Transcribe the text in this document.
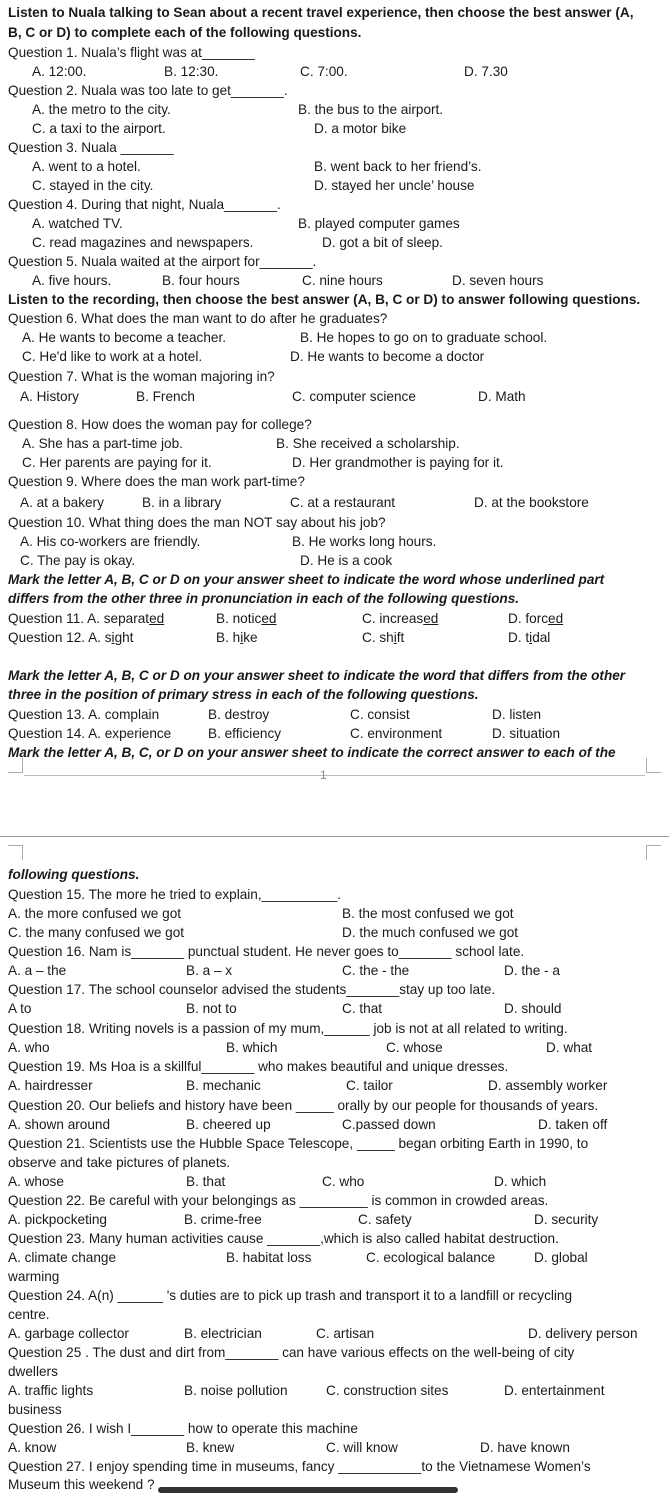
Listen to Nuala talking to Sean about a recent travel experience, then choose the best answer (A,
B, C or D) to complete each of the following questions.
Question 1. Nuala’s flight was at_______
A. 12:00.	B. 12:30.	C. 7:00.	D. 7.30
Question 2. Nuala was too late to get_______.
A. the metro to the city.	B. the bus to the airport.
C. a taxi to the airport.	D. a motor bike
Question 3. Nuala _______
A. went to a hotel.	B. went back to her friend’s.
C. stayed in the city.	D. stayed her uncle’ house
Question 4. During that night, Nuala_______.
A. watched TV.	B. played computer games
C. read magazines and newspapers.	D. got a bit of sleep.
Question 5. Nuala waited at the airport for_______.
A. five hours.	B. four hours	C. nine hours	D. seven hours
Listen to the recording, then choose the best answer (A, B, C or D) to answer following questions.
Question 6. What does the man want to do after he graduates?
A. He wants to become a teacher.	B. He hopes to go on to graduate school.
C. He'd like to work at a hotel.	D. He wants to become a doctor
Question 7. What is the woman majoring in?
A. History	B. French	C. computer science	D. Math
Question 8. How does the woman pay for college?
A. She has a part-time job.	B. She received a scholarship.
C. Her parents are paying for it.	D. Her grandmother is paying for it.
Question 9. Where does the man work part-time?
A. at a bakery	B. in a library	C. at a restaurant	D. at the bookstore
Question 10. What thing does the man NOT say about his job?
A. His co-workers are friendly.	B. He works long hours.
C. The pay is okay.	D. He is a cook
Mark the letter A, B, C or D on your answer sheet to indicate the word whose underlined part
differs from the other three in pronunciation in each of the following questions.
Question 11. A. separated	B. noticed	C. increased	D. forced
Question 12. A. sight	B. hike	C. shift	D. tidal
Mark the letter A, B, C or D on your answer sheet to indicate the word that differs from the other
three in the position of primary stress in each of the following questions.
Question 13. A. complain	B. destroy	C. consist	D. listen
Question 14. A. experience	B. efficiency	C. environment	D. situation
Mark the letter A, B, C, or D on your answer sheet to indicate the correct answer to each of the
1
following questions.
Question 15. The more he tried to explain,__________.
A. the more confused we got	B. the most confused we got
C. the many confused we got	D. the much confused we got
Question 16. Nam is_______ punctual student. He never goes to_______ school late.
A. a – the	B. a – x	C. the - the	D. the - a
Question 17. The school counselor advised the students_______stay up too late.
A to	B. not to	C. that	D. should
Question 18. Writing novels is a passion of my mum,______ job is not at all related to writing.
A. who	B. which	C. whose	D. what
Question 19. Ms Hoa is a skillful_______ who makes beautiful and unique dresses.
A. hairdresser	B. mechanic	C. tailor	D. assembly worker
Question 20. Our beliefs and history have been _____ orally by our people for thousands of years.
A. shown around	B. cheered up	C.passed down	D. taken off
Question 21. Scientists use the Hubble Space Telescope, _____ began orbiting Earth in 1990, to
observe and take pictures of planets.
A. whose	B. that	C. who	D. which
Question 22. Be careful with your belongings as _________ is common in crowded areas.
A. pickpocketing	B. crime-free	C. safety	D. security
Question 23. Many human activities cause _______,which is also called habitat destruction.
A. climate change	B. habitat loss	C. ecological balance	D. global
warming
Question 24. A(n) ______ 's duties are to pick up trash and transport it to a landfill or recycling
centre.
A. garbage collector	B. electrician	C. artisan	D. delivery person
Question 25 . The dust and dirt from_______ can have various effects on the well-being of city
dwellers
A. traffic lights	B. noise pollution	C. construction sites	D. entertainment
business
Question 26. I wish I_______ how to operate this machine
A. know	B. knew	C. will know	D. have known
Question 27. I enjoy spending time in museums, fancy ___________to the Vietnamese Women’s
Museum this weekend ?
